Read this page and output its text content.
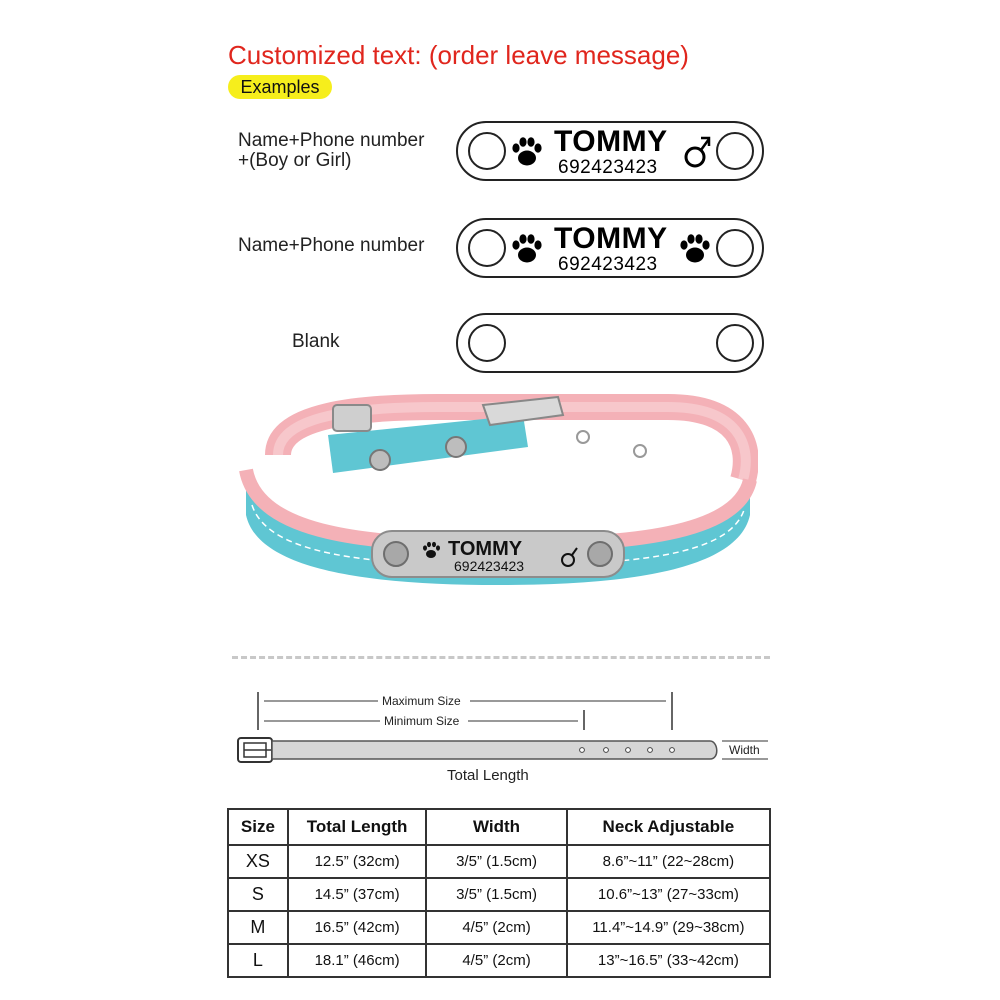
Customized text: (order leave message)
Examples
Name+Phone number
+(Boy or Girl)
TOMMY
692423423
Name+Phone number	TOMMY
692423423
Blank
TOMMY
692423423
Maximum Size
Minimum Size
Width
Total Length
Size	Total Length	Width	Neck Adjustable
XS	12.5” (32cm)	3/5” (1.5cm)	8.6”~11” (22~28cm)
S	14.5” (37cm)	3/5” (1.5cm)	10.6”~13” (27~33cm)
M	16.5” (42cm)	4/5” (2cm)	11.4”~14.9” (29~38cm)
L	18.1” (46cm)	4/5” (2cm)	13”~16.5” (33~42cm)
